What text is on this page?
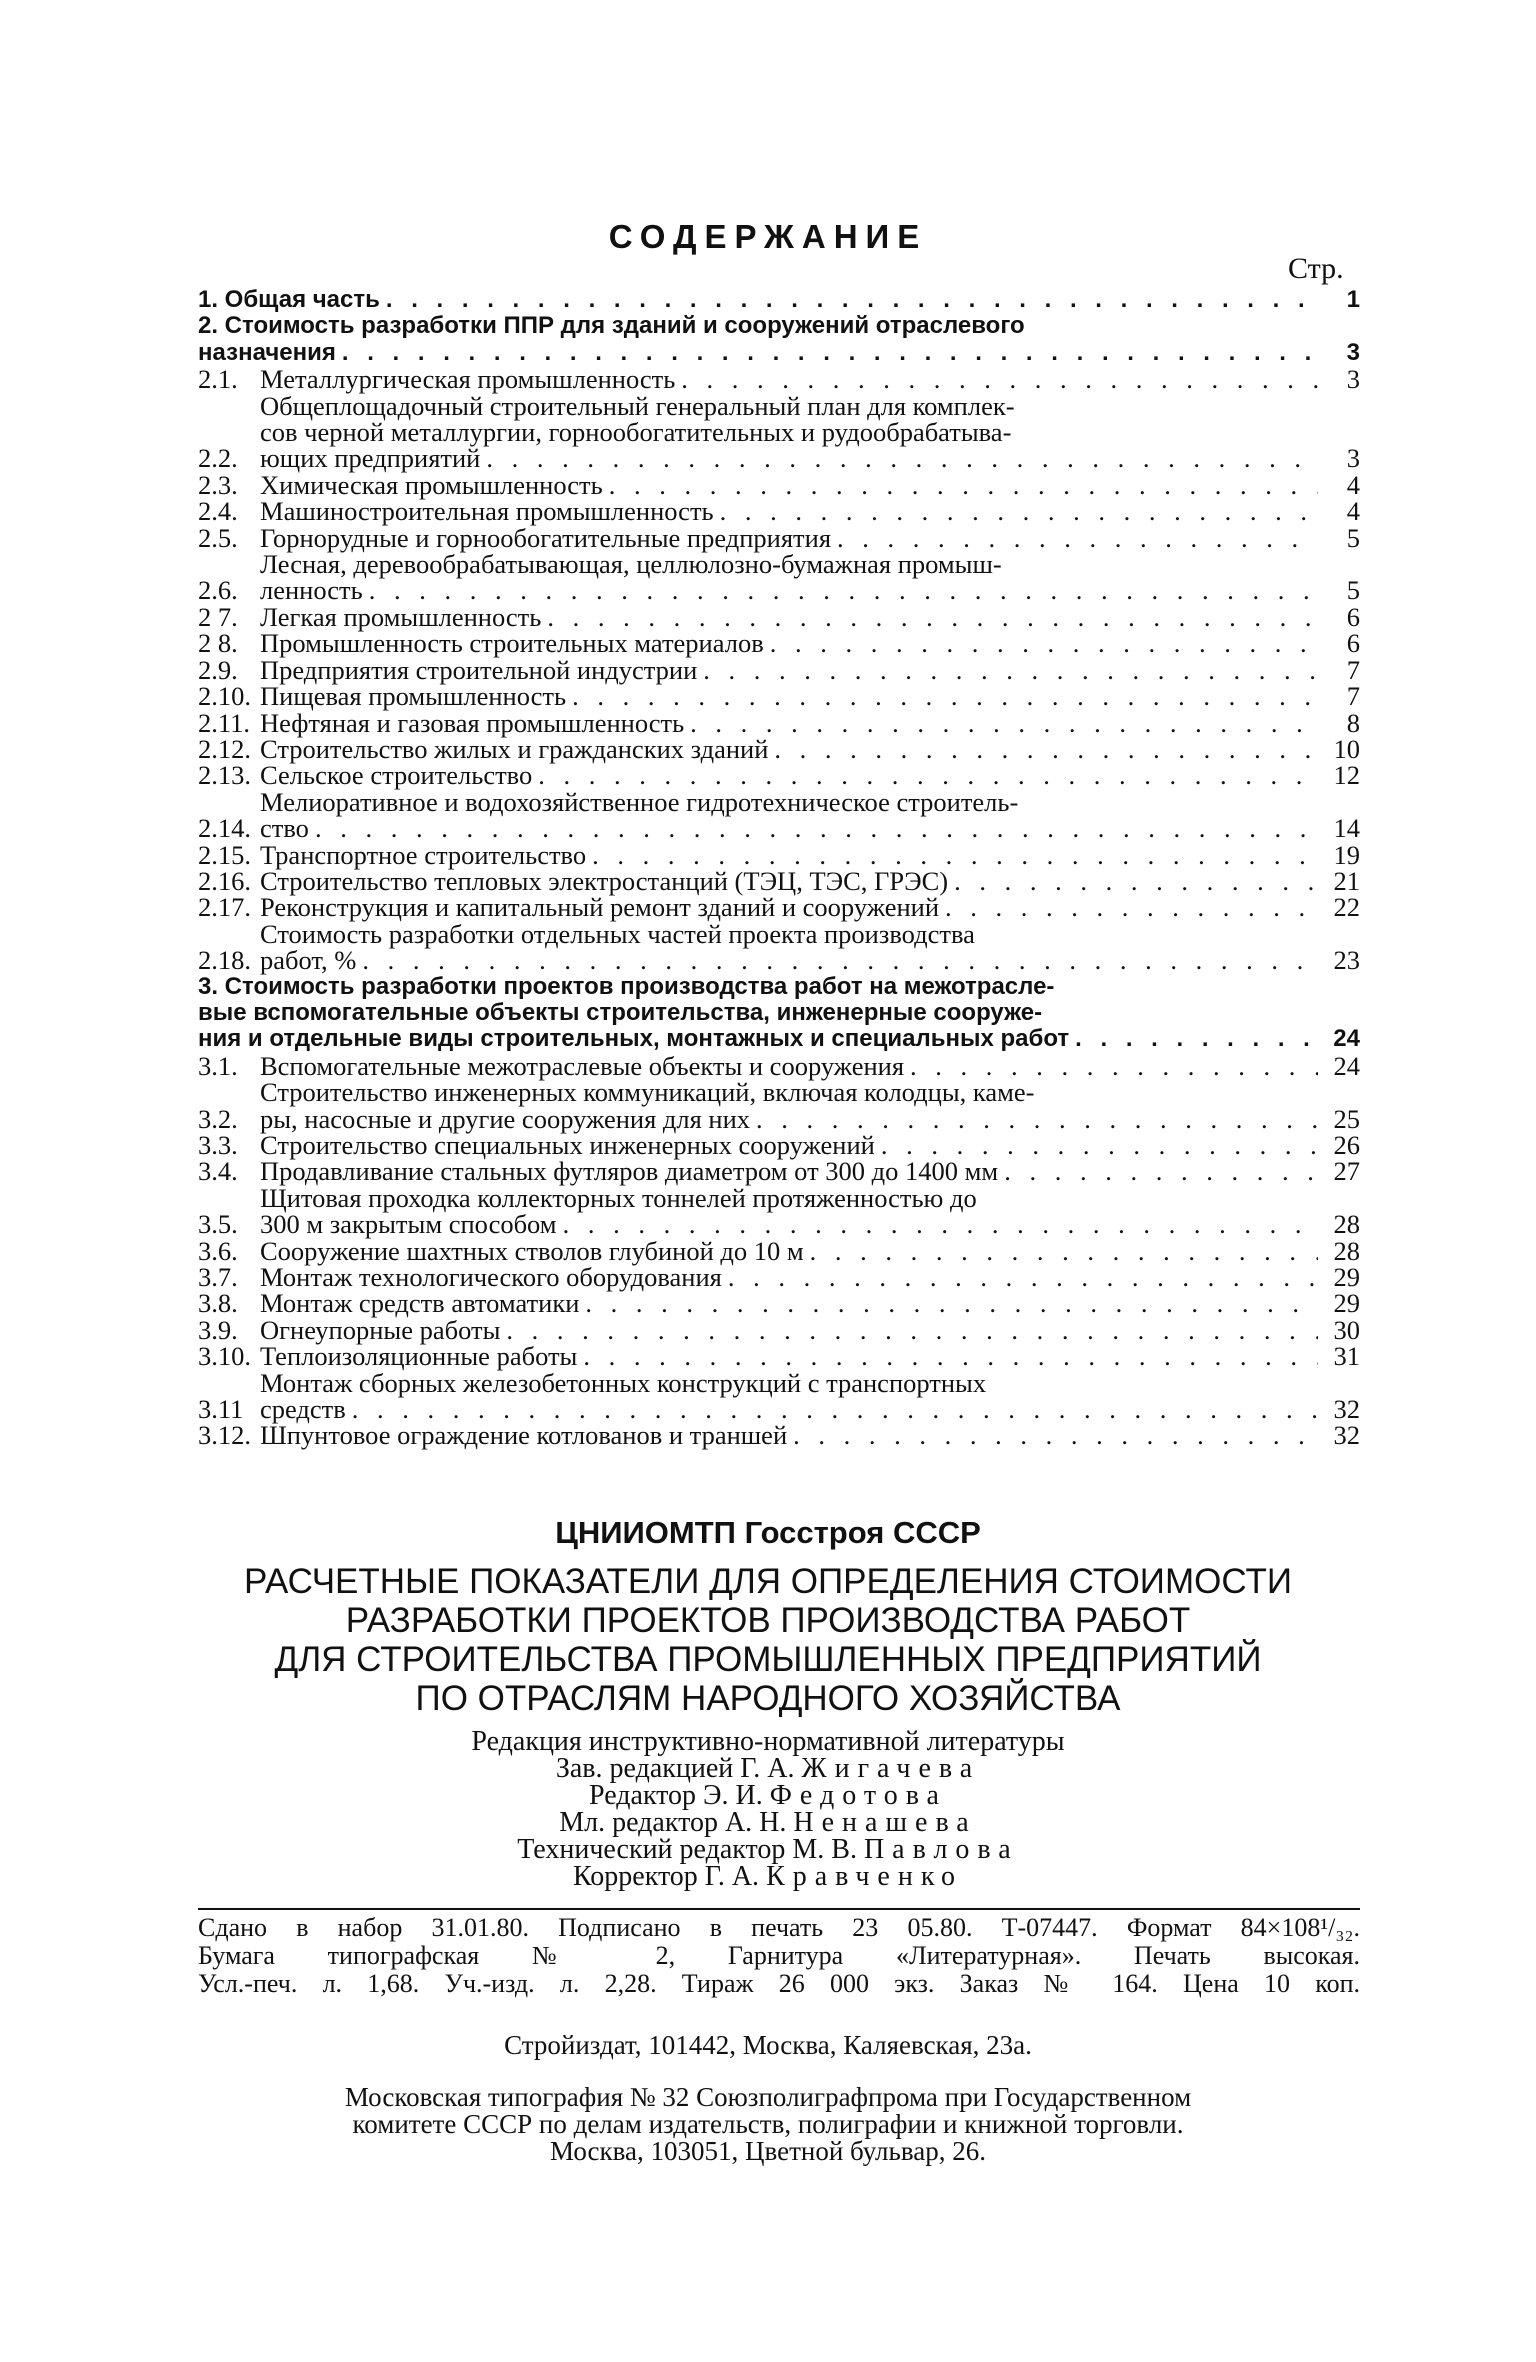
СОДЕРЖАНИЕ
Стр.
1. Общая часть . . .	1
2. Стоимость разработки ППР для зданий и сооружений отраслевого
назначения . . .	3
2.1. Металлургическая промышленность . . .	3
2.2.
Общеплощадочный строительный генеральный план для комплек-
сов черной металлургии, горнообогатительных и рудообрабатыва-
ющих предприятий . . .	3
2.3. Химическая промышленность . . .	4
2.4. Машиностроительная промышленность . . .	4
2.5. Горнорудные и горнообогатительные предприятия . . .	5
2.6.
Лесная, деревообрабатывающая, целлюлозно-бумажная промыш-
ленность . . .	5
2 7. Легкая промышленность . . .	6
2 8. Промышленность строительных материалов . . .	6
2.9. Предприятия строительной индустрии . . .	7
2.10. Пищевая промышленность . . .	7
2.11. Нефтяная и газовая промышленность . . .	8
2.12. Строительство жилых и гражданских зданий . . .	10
2.13. Сельское строительство . . .	12
2.14.
Мелиоративное и водохозяйственное гидротехническое строитель-
ство . . .	14
2.15. Транспортное строительство . . .	19
2.16. Строительство тепловых электростанций (ТЭЦ, ТЭС, ГРЭС) . . .	21
2.17. Реконструкция и капитальный ремонт зданий и сооружений . . .	22
2.18.
Стоимость разработки отдельных частей проекта производства
работ, % . . .	23
3. Стоимость разработки проектов производства работ на межотрасле-
вые вспомогательные объекты строительства, инженерные сооруже-
ния и отдельные виды строительных, монтажных и специальных работ . . .	24
3.1. Вспомогательные межотраслевые объекты и сооружения . . .	24
3.2.
Строительство инженерных коммуникаций, включая колодцы, каме-
ры, насосные и другие сооружения для них . . .	25
3.3. Строительство специальных инженерных сооружений . . .	26
3.4. Продавливание стальных футляров диаметром от 300 до 1400 мм . . .	27
3.5.
Щитовая проходка коллекторных тоннелей протяженностью до
300 м закрытым способом . . .	28
3.6. Сооружение шахтных стволов глубиной до 10 м . . .	28
3.7. Монтаж технологического оборудования . . .	29
3.8. Монтаж средств автоматики . . .	29
3.9. Огнеупорные работы . . .	30
3.10. Теплоизоляционные работы . . .	31
3.11
Монтаж сборных железобетонных конструкций с транспортных
средств . . .	32
3.12. Шпунтовое ограждение котлованов и траншей . . .	32
ЦНИИОМТП Госстроя СССР
РАСЧЕТНЫЕ ПОКАЗАТЕЛИ ДЛЯ ОПРЕДЕЛЕНИЯ СТОИМОСТИ
РАЗРАБОТКИ ПРОЕКТОВ ПРОИЗВОДСТВА РАБОТ
ДЛЯ СТРОИТЕЛЬСТВА ПРОМЫШЛЕННЫХ ПРЕДПРИЯТИЙ
ПО ОТРАСЛЯМ НАРОДНОГО ХОЗЯЙСТВА
Редакция инструктивно-нормативной литературы
Зав. редакцией Г. А. Жигачева
Редактор Э. И. Федотова
Мл. редактор А. Н. Ненашева
Технический редактор М. В. Павлова
Корректор Г. А. Кравченко
Сдано в набор 31.01.80. Подписано в печать 23 05.80. Т-07447. Формат 84×108¹/₃₂.
Бумага типографская № 2, Гарнитура «Литературная». Печать высокая.
Усл.-печ. л. 1,68. Уч.-изд. л. 2,28. Тираж 26 000 экз. Заказ № 164. Цена 10 коп.
Стройиздат, 101442, Москва, Каляевская, 23а.
Московская типография № 32 Союзполиграфпрома при Государственном
комитете СССР по делам издательств, полиграфии и книжной торговли.
Москва, 103051, Цветной бульвар, 26.
